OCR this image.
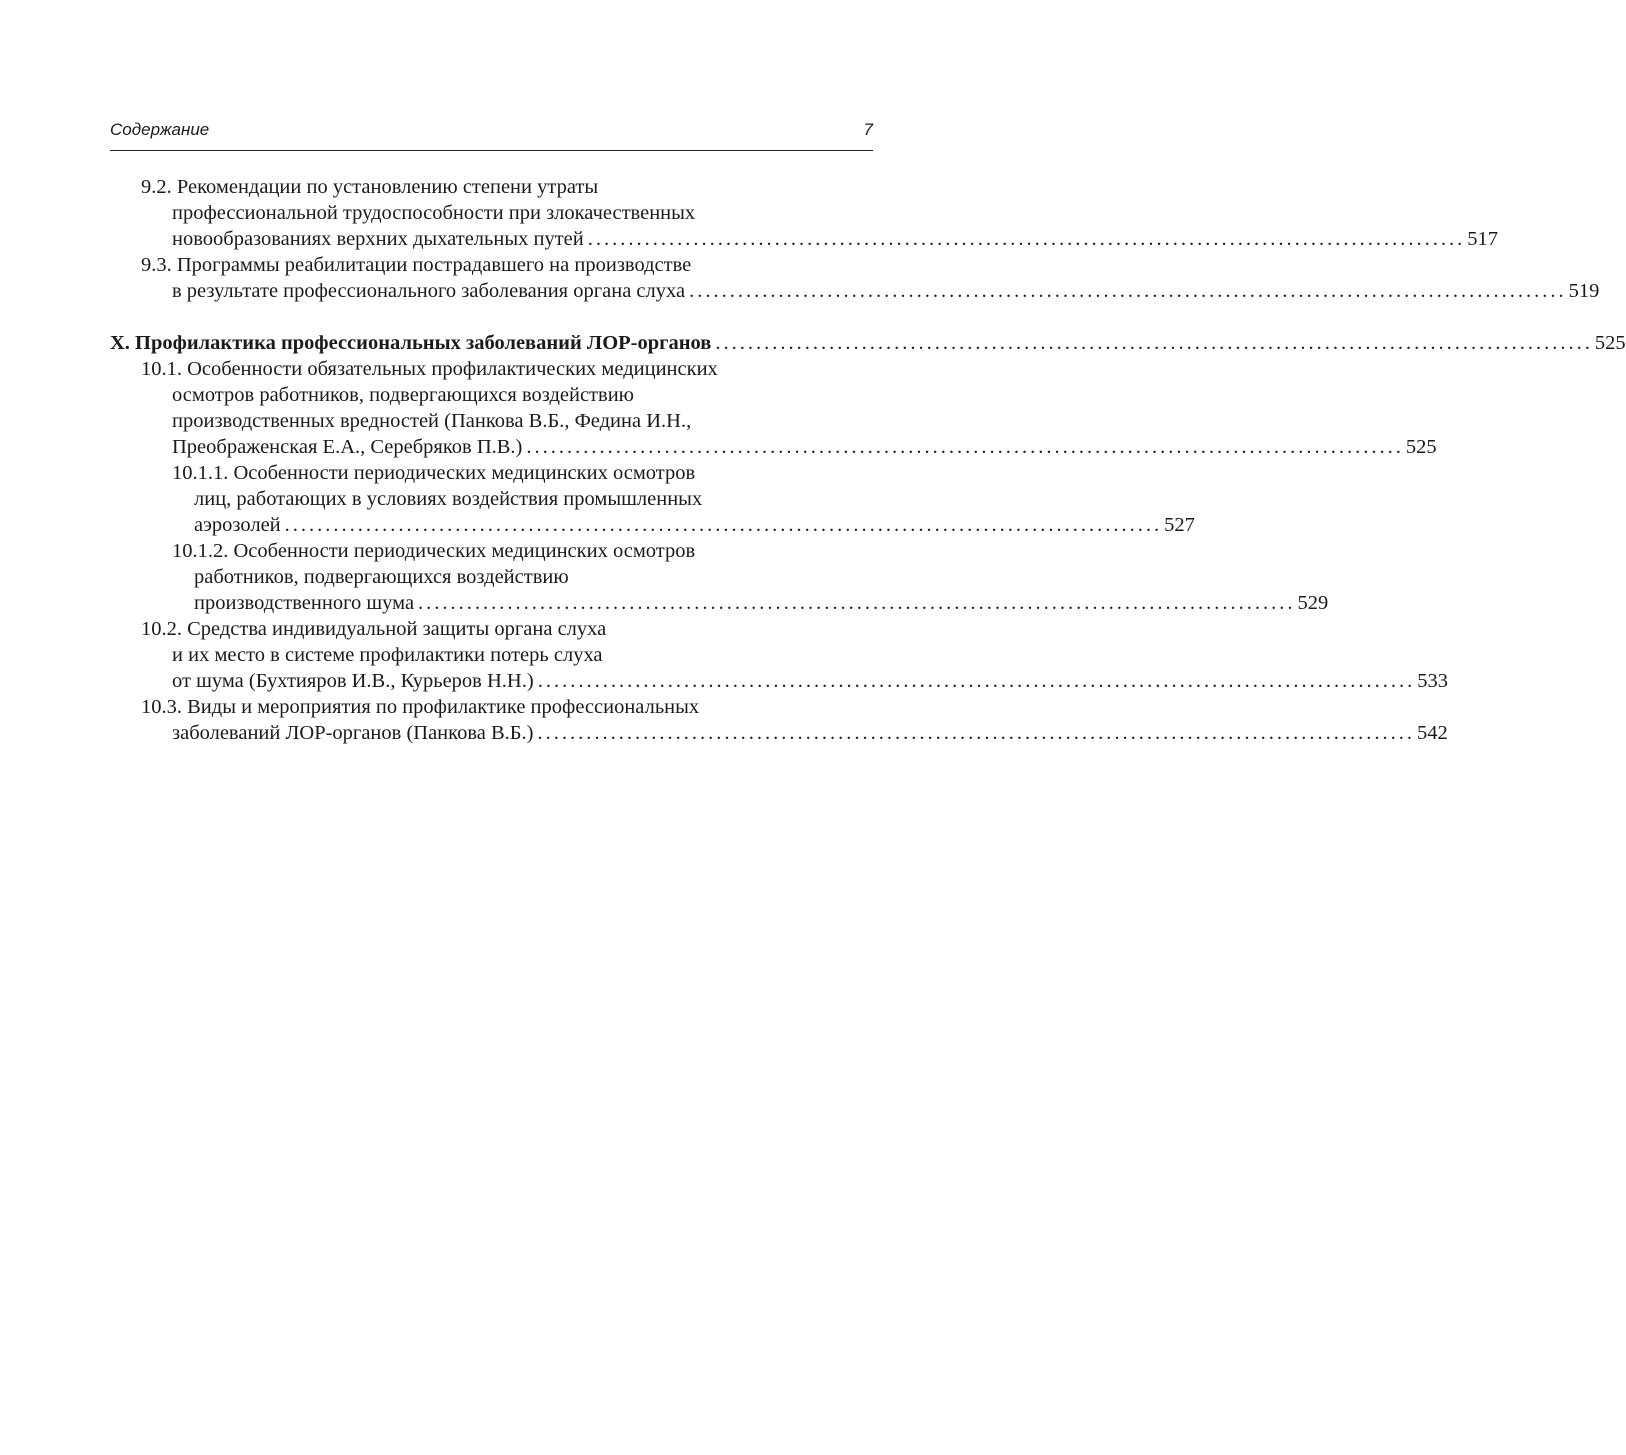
Содержание	7
9.2. Рекомендации по установлению степени утраты
профессиональной трудоспособности при злокачественных
новообразованиях верхних дыхательных путей ............................................................................................................ 517
9.3. Программы реабилитации пострадавшего на производстве
в результате профессионального заболевания органа слуха ............................................................................................................ 519
X. Профилактика профессиональных заболеваний ЛОР-органов ............................................................................................................ 525
10.1. Особенности обязательных профилактических медицинских
осмотров работников, подвергающихся воздействию
производственных вредностей (Панкова В.Б., Федина И.Н.,
Преображенская Е.А., Серебряков П.В.) ............................................................................................................ 525
10.1.1. Особенности периодических медицинских осмотров
лиц, работающих в условиях воздействия промышленных
аэрозолей ............................................................................................................ 527
10.1.2. Особенности периодических медицинских осмотров
работников, подвергающихся воздействию
производственного шума ............................................................................................................ 529
10.2. Средства индивидуальной защиты органа слуха
и их место в системе профилактики потерь слуха
от шума (Бухтияров И.В., Курьеров Н.Н.) ............................................................................................................ 533
10.3. Виды и мероприятия по профилактике профессиональных
заболеваний ЛОР-органов (Панкова В.Б.) ............................................................................................................ 542
